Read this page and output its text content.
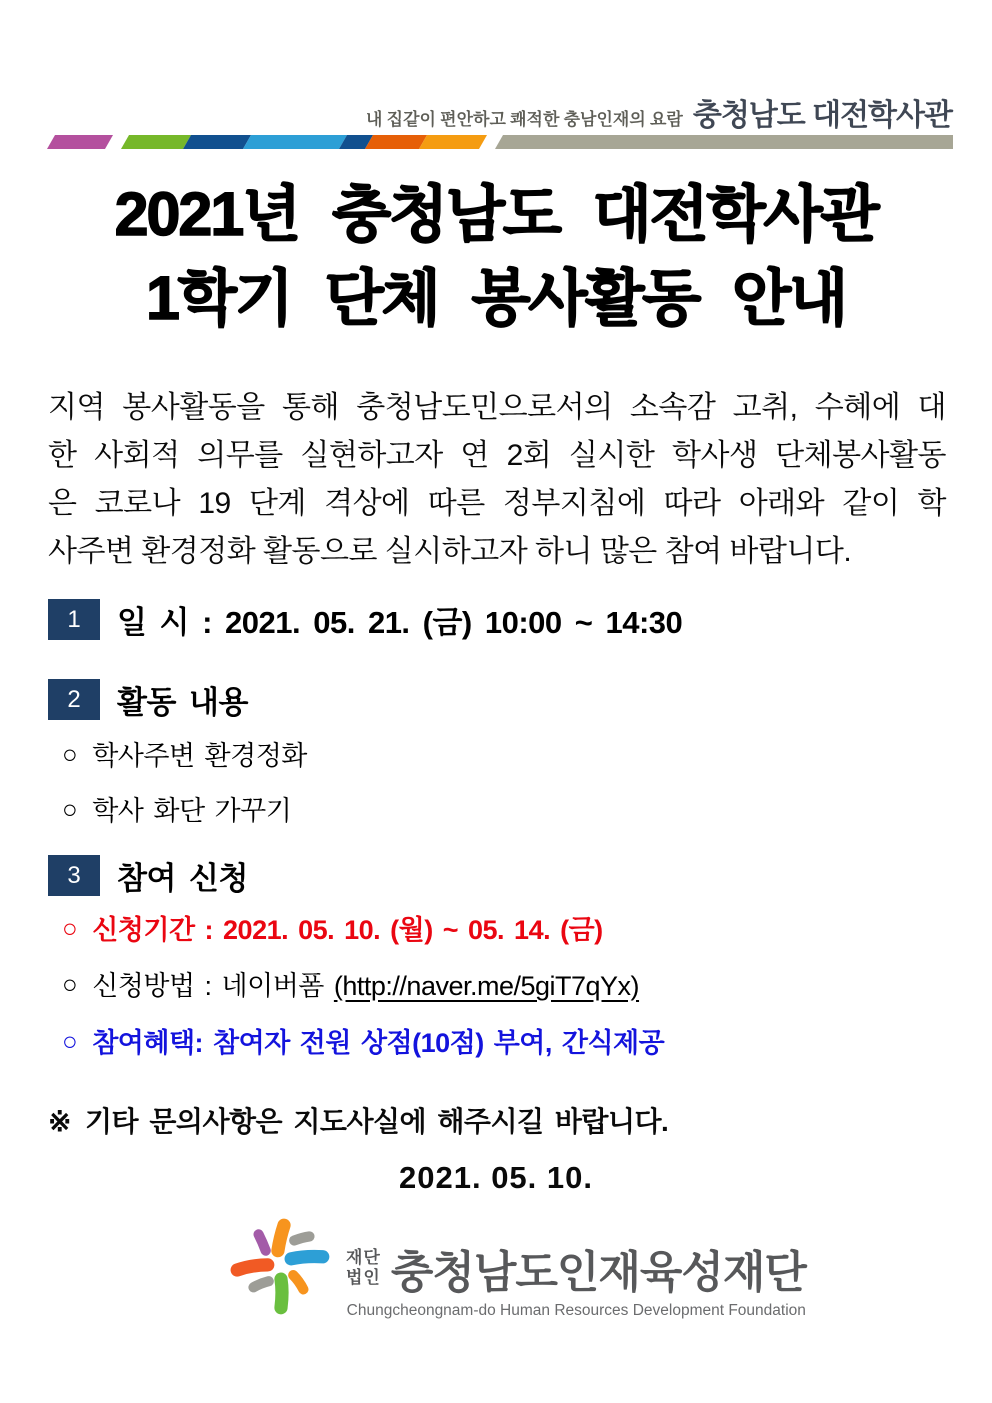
내 집같이 편안하고 쾌적한 충남인재의 요람 충청남도 대전학사관
2021년 충청남도 대전학사관
1학기 단체 봉사활동 안내
지역 봉사활동을 통해 충청남도민으로서의 소속감 고취, 수혜에 대
한 사회적 의무를 실현하고자 연 2회 실시한 학사생 단체봉사활동
은 코로나 19 단계 격상에 따른 정부지침에 따라 아래와 같이 학
사주변 환경정화 활동으로 실시하고자 하니 많은 참여 바랍니다.
1	일 시 : 2021. 05. 21. (금) 10:00 ~ 14:30
2	활동 내용
○ 학사주변 환경정화
○ 학사 화단 가꾸기
3	참여 신청
○ 신청기간 : 2021. 05. 10. (월) ~ 05. 14. (금)
○ 신청방법 : 네이버폼 (http://naver.me/5giT7qYx)
○ 참여혜택: 참여자 전원 상점(10점) 부여, 간식제공
※ 기타 문의사항은 지도사실에 해주시길 바랍니다.
2021. 05. 10.
재단
법인 충청남도인재육성재단
Chungcheongnam-do Human Resources Development Foundation
